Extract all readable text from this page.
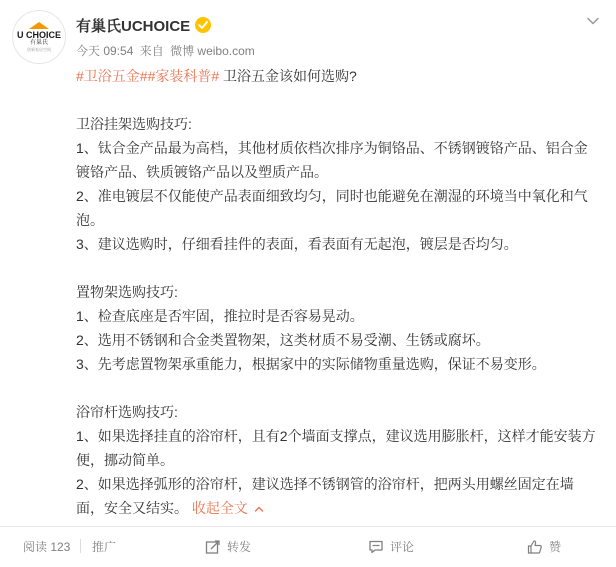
U CHOICE
有巢氏
创新家居空间
有巢氏UCHOICE
今天 09:54 来自 微博 weibo.com

#卫浴五金##家装科普# 卫浴五金该如何选购?

卫浴挂架选购技巧:

1、钛合金产品最为高档，其他材质依档次排序为铜铬品、不锈钢镀铬产品、铝合金镀铬产品、铁质镀铬产品以及塑质产品。

2、准电镀层不仅能使产品表面细致均匀，同时也能避免在潮湿的环境当中氧化和气泡。

3、建议选购时，仔细看挂件的表面，看表面有无起泡，镀层是否均匀。

置物架选购技巧:

1、检查底座是否牢固，推拉时是否容易晃动。

2、选用不锈钢和合金类置物架，这类材质不易受潮、生锈或腐坏。

3、先考虑置物架承重能力，根据家中的实际储物重量选购，保证不易变形。

浴帘杆选购技巧:

1、如果选择挂直的浴帘杆，且有2个墙面支撑点，建议选用膨胀杆，这样才能安装方便，挪动简单。

2、如果选择弧形的浴帘杆，建议选择不锈钢管的浴帘杆，把两头用螺丝固定在墙面，安全又结实。 收起全文

阅读 123 推广	转发	评论	赞
